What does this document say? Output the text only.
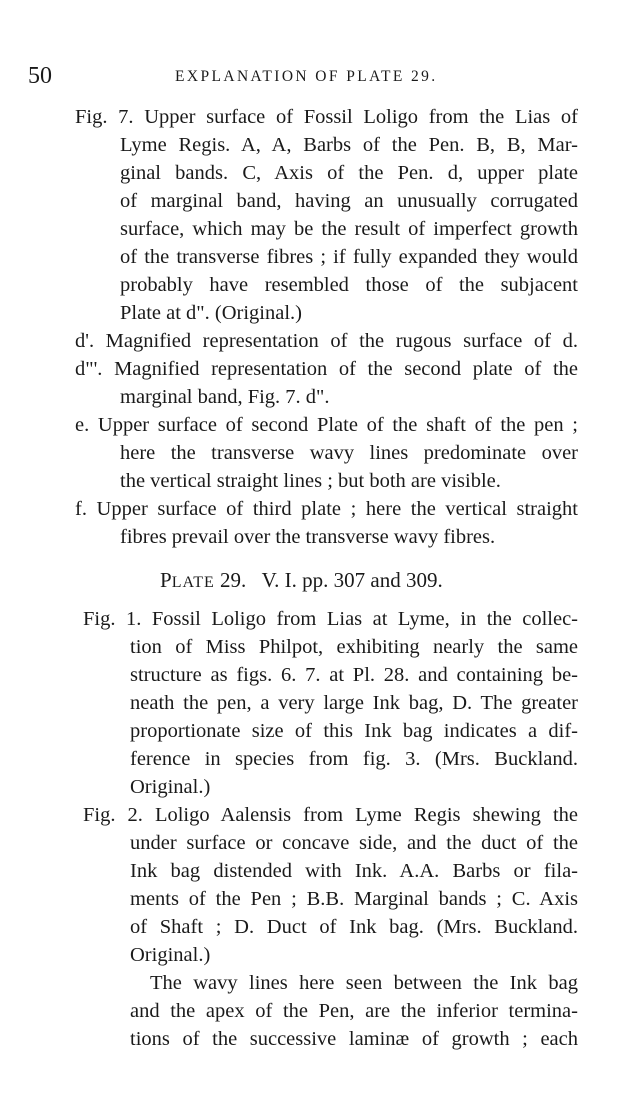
50	EXPLANATION OF PLATE 29.
Fig. 7. Upper surface of Fossil Loligo from the Lias of
Lyme Regis. A, A, Barbs of the Pen. B, B, Mar-
ginal bands. C, Axis of the Pen. d, upper plate
of marginal band, having an unusually corrugated
surface, which may be the result of imperfect growth
of the transverse fibres ; if fully expanded they would
probably have resembled those of the subjacent
Plate at d". (Original.)
d'. Magnified representation of the rugous surface of d.
d"'. Magnified representation of the second plate of the
marginal band, Fig. 7. d".
e. Upper surface of second Plate of the shaft of the pen ;
here the transverse wavy lines predominate over
the vertical straight lines ; but both are visible.
f. Upper surface of third plate ; here the vertical straight
fibres prevail over the transverse wavy fibres.
PLATE 29.   V. I. pp. 307 and 309.
Fig. 1. Fossil Loligo from Lias at Lyme, in the collec-
tion of Miss Philpot, exhibiting nearly the same
structure as figs. 6. 7. at Pl. 28. and containing be-
neath the pen, a very large Ink bag, D. The greater
proportionate size of this Ink bag indicates a dif-
ference in species from fig. 3. (Mrs. Buckland.
Original.)
Fig. 2. Loligo Aalensis from Lyme Regis shewing the
under surface or concave side, and the duct of the
Ink bag distended with Ink. A.A. Barbs or fila-
ments of the Pen ; B.B. Marginal bands ; C. Axis
of Shaft ; D. Duct of Ink bag. (Mrs. Buckland.
Original.)
The wavy lines here seen between the Ink bag
and the apex of the Pen, are the inferior termina-
tions of the successive laminæ of growth ; each
